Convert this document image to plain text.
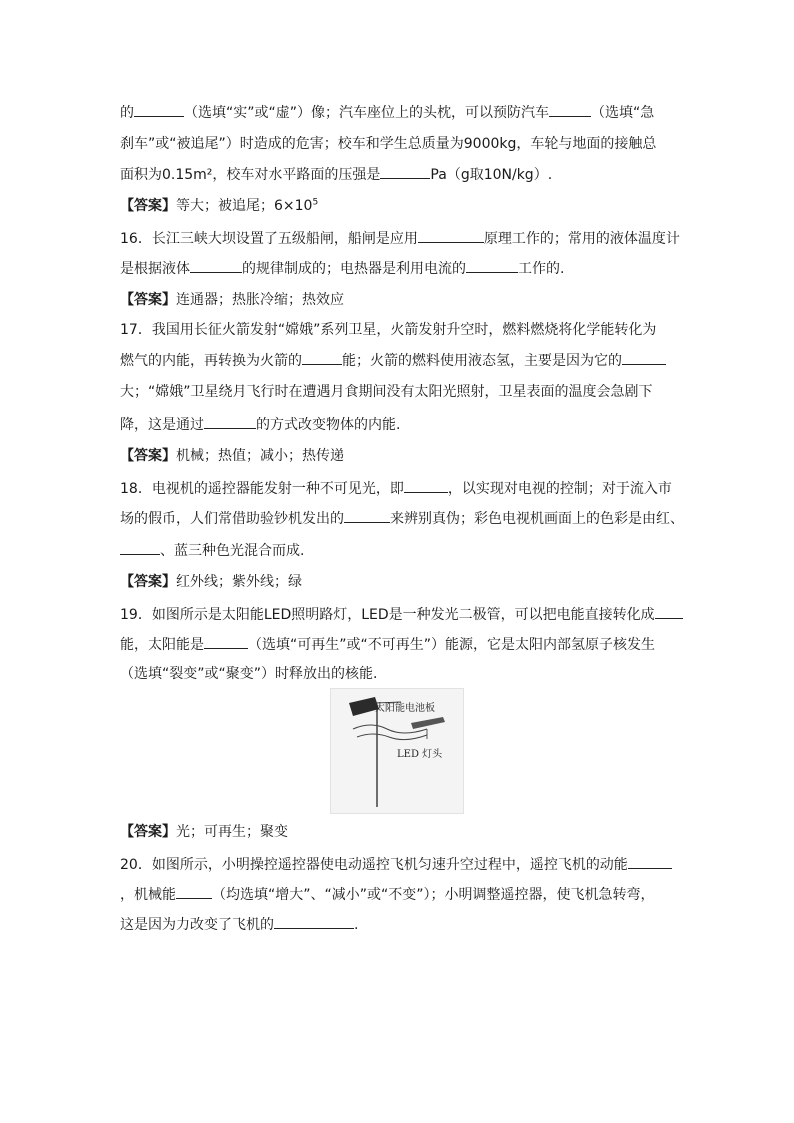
的	（选填“实”或“虚”）像；汽车座位上的头枕，可以预防汽车	（选填“急
刹车”或“被追尾”）时造成的危害；校车和学生总质量为9000kg，车轮与地面的接触总
面积为0.15m²，校车对水平路面的压强是	Pa（g取10N/kg）.
【答案】等大；被追尾；$6\times 10^5$
16．长江三峡大坝设置了五级船闸，船闸是应用	原理工作的；常用的液体温度计
是根据液体	的规律制成的；电热器是利用电流的	工作的.
【答案】连通器；热胀冷缩；热效应
17．我国用长征火箭发射“嫦娥”系列卫星，火箭发射升空时，燃料燃烧将化学能转化为
燃气的内能，再转换为火箭的	能；火箭的燃料使用液态氢，主要是因为它的
大；“嫦娥”卫星绕月飞行时在遭遇月食期间没有太阳光照射，卫星表面的温度会急剧下
降，这是通过	的方式改变物体的内能.
【答案】机械；热值；减小；热传递
18．电视机的遥控器能发射一种不可见光，即	，以实现对电视的控制；对于流入市
场的假币，人们常借助验钞机发出的	来辨别真伪；彩色电视机画面上的色彩是由红、
、蓝三种色光混合而成.
【答案】红外线；紫外线；绿
19．如图所示是太阳能LED照明路灯，LED是一种发光二极管，可以把电能直接转化成
能，太阳能是	（选填“可再生”或“不可再生”）能源，它是太阳内部氢原子核发生
（选填“裂变”或“聚变”）时释放出的核能.
太阳能电池板
LED 灯头
【答案】光；可再生；聚变
20．如图所示，小明操控遥控器使电动遥控飞机匀速升空过程中，遥控飞机的动能
，机械能	（均选填“增大”、“减小”或“不变”）；小明调整遥控器，使飞机急转弯，
这是因为力改变了飞机的	.
